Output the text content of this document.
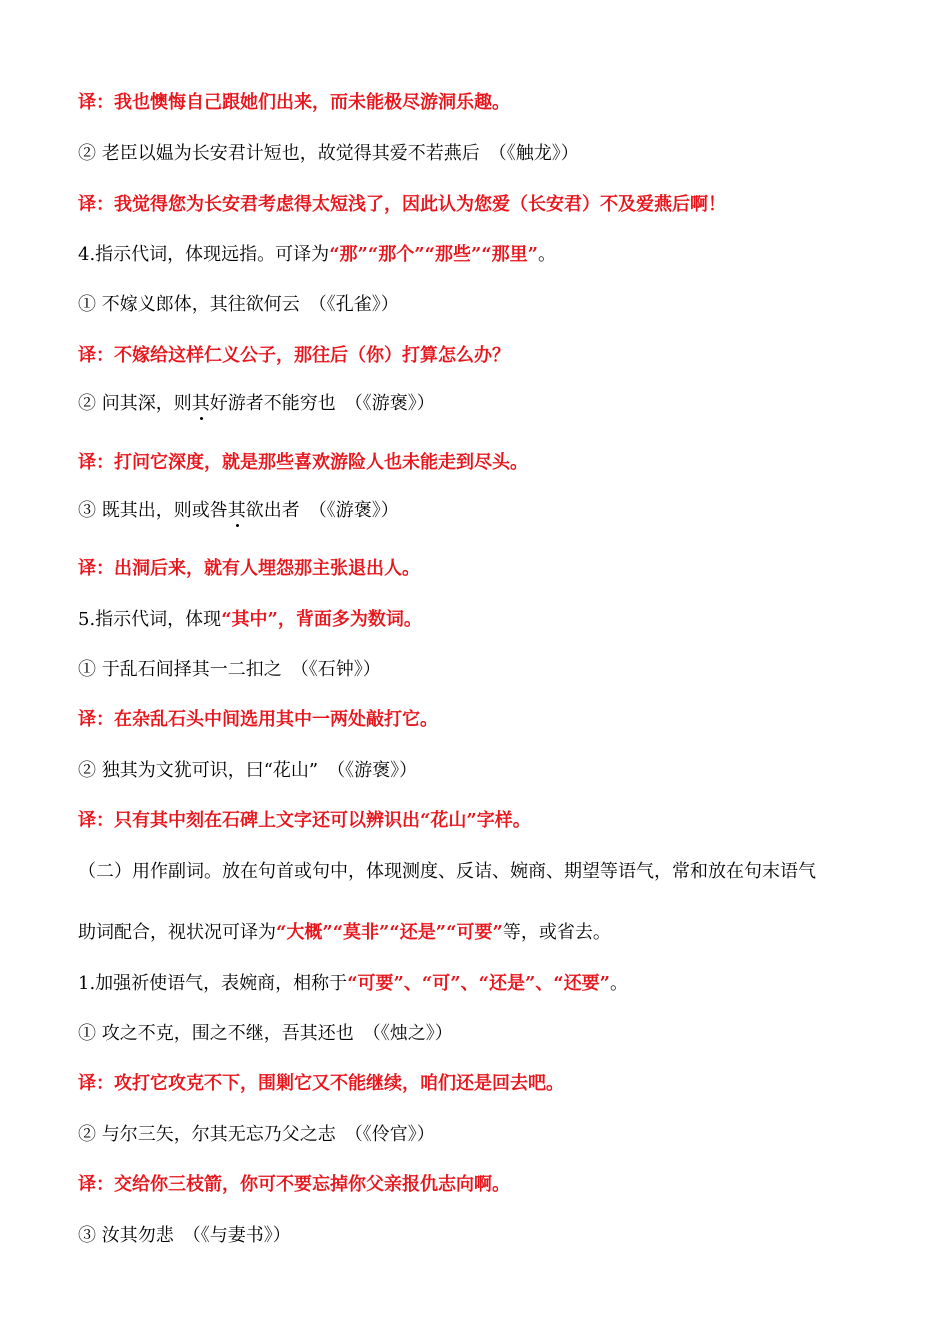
译：我也懊悔自己跟她们出来，而未能极尽游洞乐趣。
② 老臣以媪为长安君计短也，故觉得其爱不若燕后　（《触龙》）
译：我觉得您为长安君考虑得太短浅了，因此认为您爱（长安君）不及爱燕后啊！
4.指示代词，体现远指。可译为“那”“那个”“那些”“那里”。
① 不嫁义郎体，其往欲何云　（《孔雀》）
译：不嫁给这样仁义公子，那往后（你）打算怎么办？
② 问其深，则其好游者不能穷也　（《游褒》）
译：打问它深度，就是那些喜欢游险人也未能走到尽头。
③ 既其出，则或咎其欲出者　（《游褒》）
译：出洞后来，就有人埋怨那主张退出人。
5.指示代词，体现“其中”，背面多为数词。
① 于乱石间择其一二扣之　（《石钟》）
译：在杂乱石头中间选用其中一两处敲打它。
② 独其为文犹可识，曰“花山”　（《游褒》）
译：只有其中刻在石碑上文字还可以辨识出“花山”字样。
（二）用作副词。放在句首或句中，体现测度、反诘、婉商、期望等语气，常和放在句末语气
助词配合，视状况可译为“大概”“莫非”“还是”“可要”等，或省去。
1.加强祈使语气，表婉商，相称于“可要”、“可”、“还是”、“还要”。
① 攻之不克，围之不继，吾其还也　（《烛之》）
译：攻打它攻克不下，围剿它又不能继续，咱们还是回去吧。
② 与尔三矢，尔其无忘乃父之志　（《伶官》）
译：交给你三枝箭，你可不要忘掉你父亲报仇志向啊。
③ 汝其勿悲　（《与妻书》）
